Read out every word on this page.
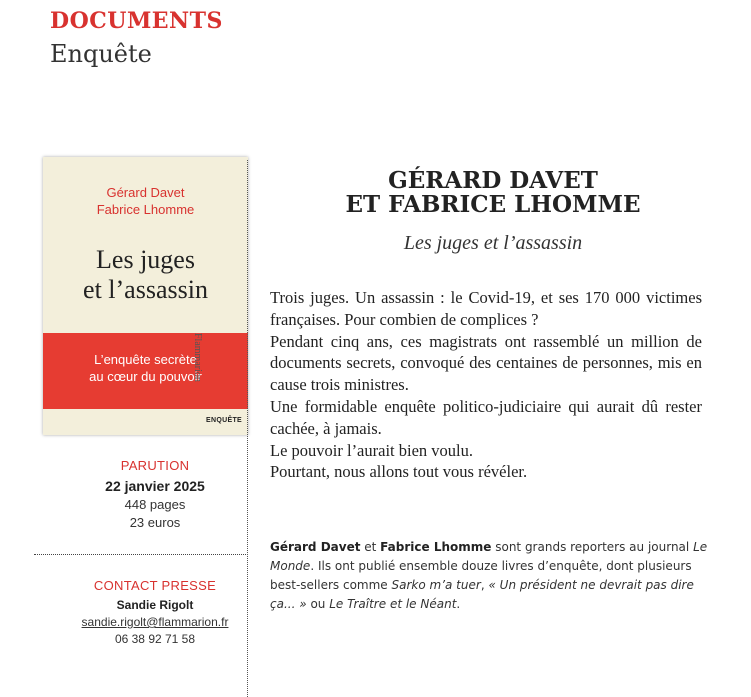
DOCUMENTS
Enquête
Gérard Davet
Fabrice Lhomme
Les juges
et l’assassin
L’enquête secrète
au cœur du pouvoir
Flammarion
ENQUÊTE
PARUTION
22 janvier 2025
448 pages
23 euros
CONTACT PRESSE
Sandie Rigolt
sandie.rigolt@flammarion.fr
06 38 92 71 58
GÉRARD DAVET
ET FABRICE LHOMME
Les juges et l’assassin

Trois juges. Un assassin : le Covid-19, et ses 170 000 victimes françaises. Pour combien de complices ?

Pendant cinq ans, ces magistrats ont rassemblé un million de documents secrets, convoqué des centaines de personnes, mis en cause trois ministres.

Une formidable enquête politico-judiciaire qui aurait dû rester cachée, à jamais.

Le pouvoir l’aurait bien voulu.

Pourtant, nous allons tout vous révéler.

Gérard Davet et Fabrice Lhomme sont grands reporters au journal Le Monde. Ils ont publié ensemble douze livres d’enquête, dont plusieurs best-sellers comme Sarko m’a tuer, « Un président ne devrait pas dire ça... » ou Le Traître et le Néant.
